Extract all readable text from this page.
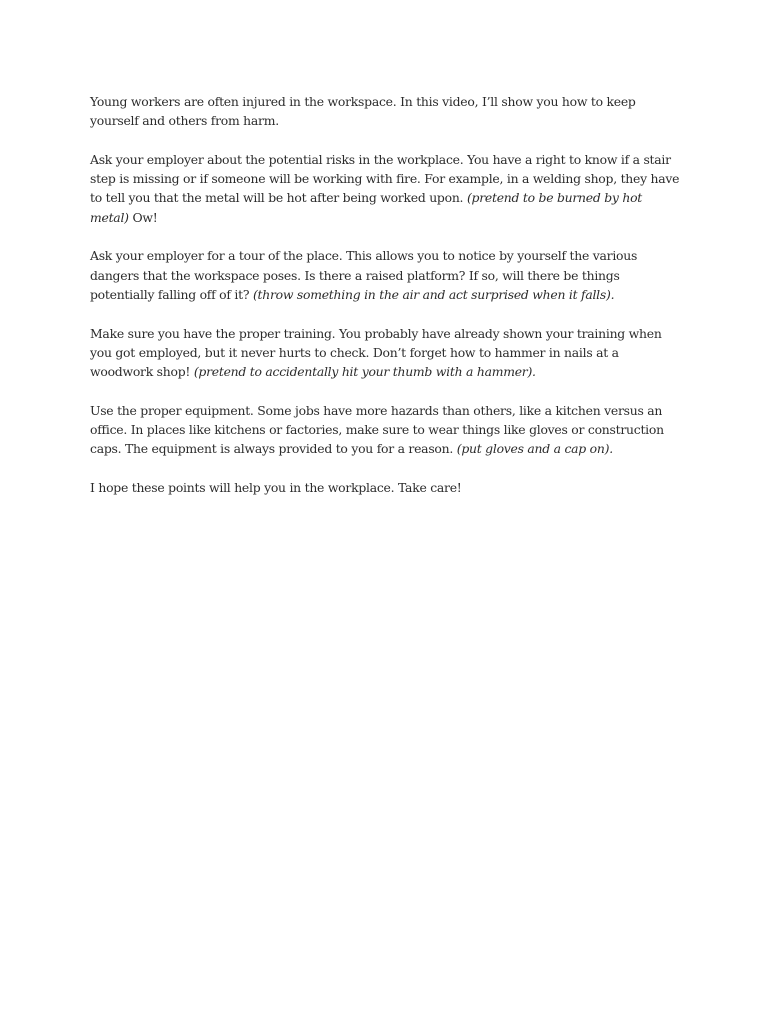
Young workers are often injured in the workspace. In this video, I’ll show you how to keep yourself and others from harm.

Ask your employer about the potential risks in the workplace. You have a right to know if a stair step is missing or if someone will be working with fire. For example, in a welding shop, they have to tell you that the metal will be hot after being worked upon. (pretend to be burned by hot metal) Ow!

Ask your employer for a tour of the place. This allows you to notice by yourself the various dangers that the workspace poses. Is there a raised platform? If so, will there be things potentially falling off of it? (throw something in the air and act surprised when it falls).

Make sure you have the proper training. You probably have already shown your training when you got employed, but it never hurts to check. Don’t forget how to hammer in nails at a woodwork shop! (pretend to accidentally hit your thumb with a hammer).

Use the proper equipment. Some jobs have more hazards than others, like a kitchen versus an office. In places like kitchens or factories, make sure to wear things like gloves or construction caps. The equipment is always provided to you for a reason. (put gloves and a cap on).

I hope these points will help you in the workplace. Take care!
